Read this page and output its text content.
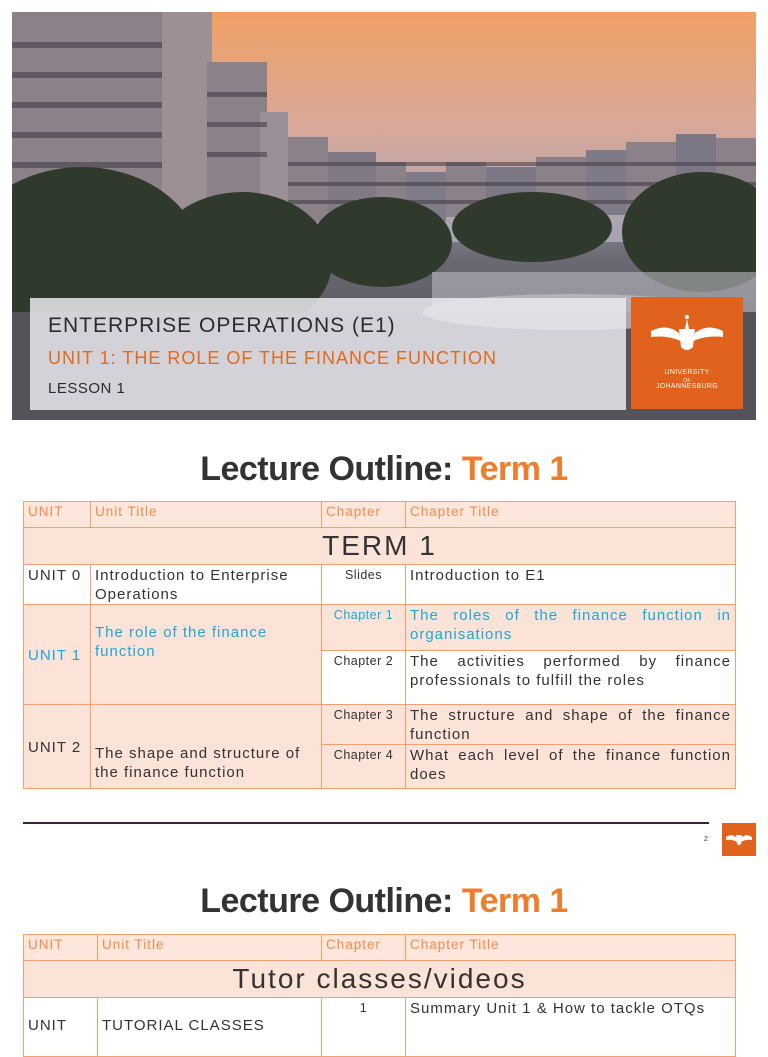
ENTERPRISE OPERATIONS (E1)

UNIT 1: THE ROLE OF THE FINANCE FUNCTION

LESSON 1

UNIVERSITY
OF
JOHANNESBURG
Lecture Outline: Term 1
UNIT	Unit Title	Chapter	Chapter Title
TERM 1			
UNIT 0	Introduction to Enterprise Operations	Slides	Introduction to E1
UNIT 1	The role of the finance function	Chapter 1	The roles of the finance function in organisations
		Chapter 2	The activities performed by finance professionals to fulfill the roles
UNIT 2	The shape and structure of the finance function	Chapter 3	The structure and shape of the finance function
		Chapter 4	What each level of the finance function does
2
Lecture Outline: Term 1
UNIT	Unit Title	Chapter	Chapter Title
Tutor classes/videos			
UNIT	TUTORIAL CLASSES	1	Summary Unit 1 & How to tackle OTQs
